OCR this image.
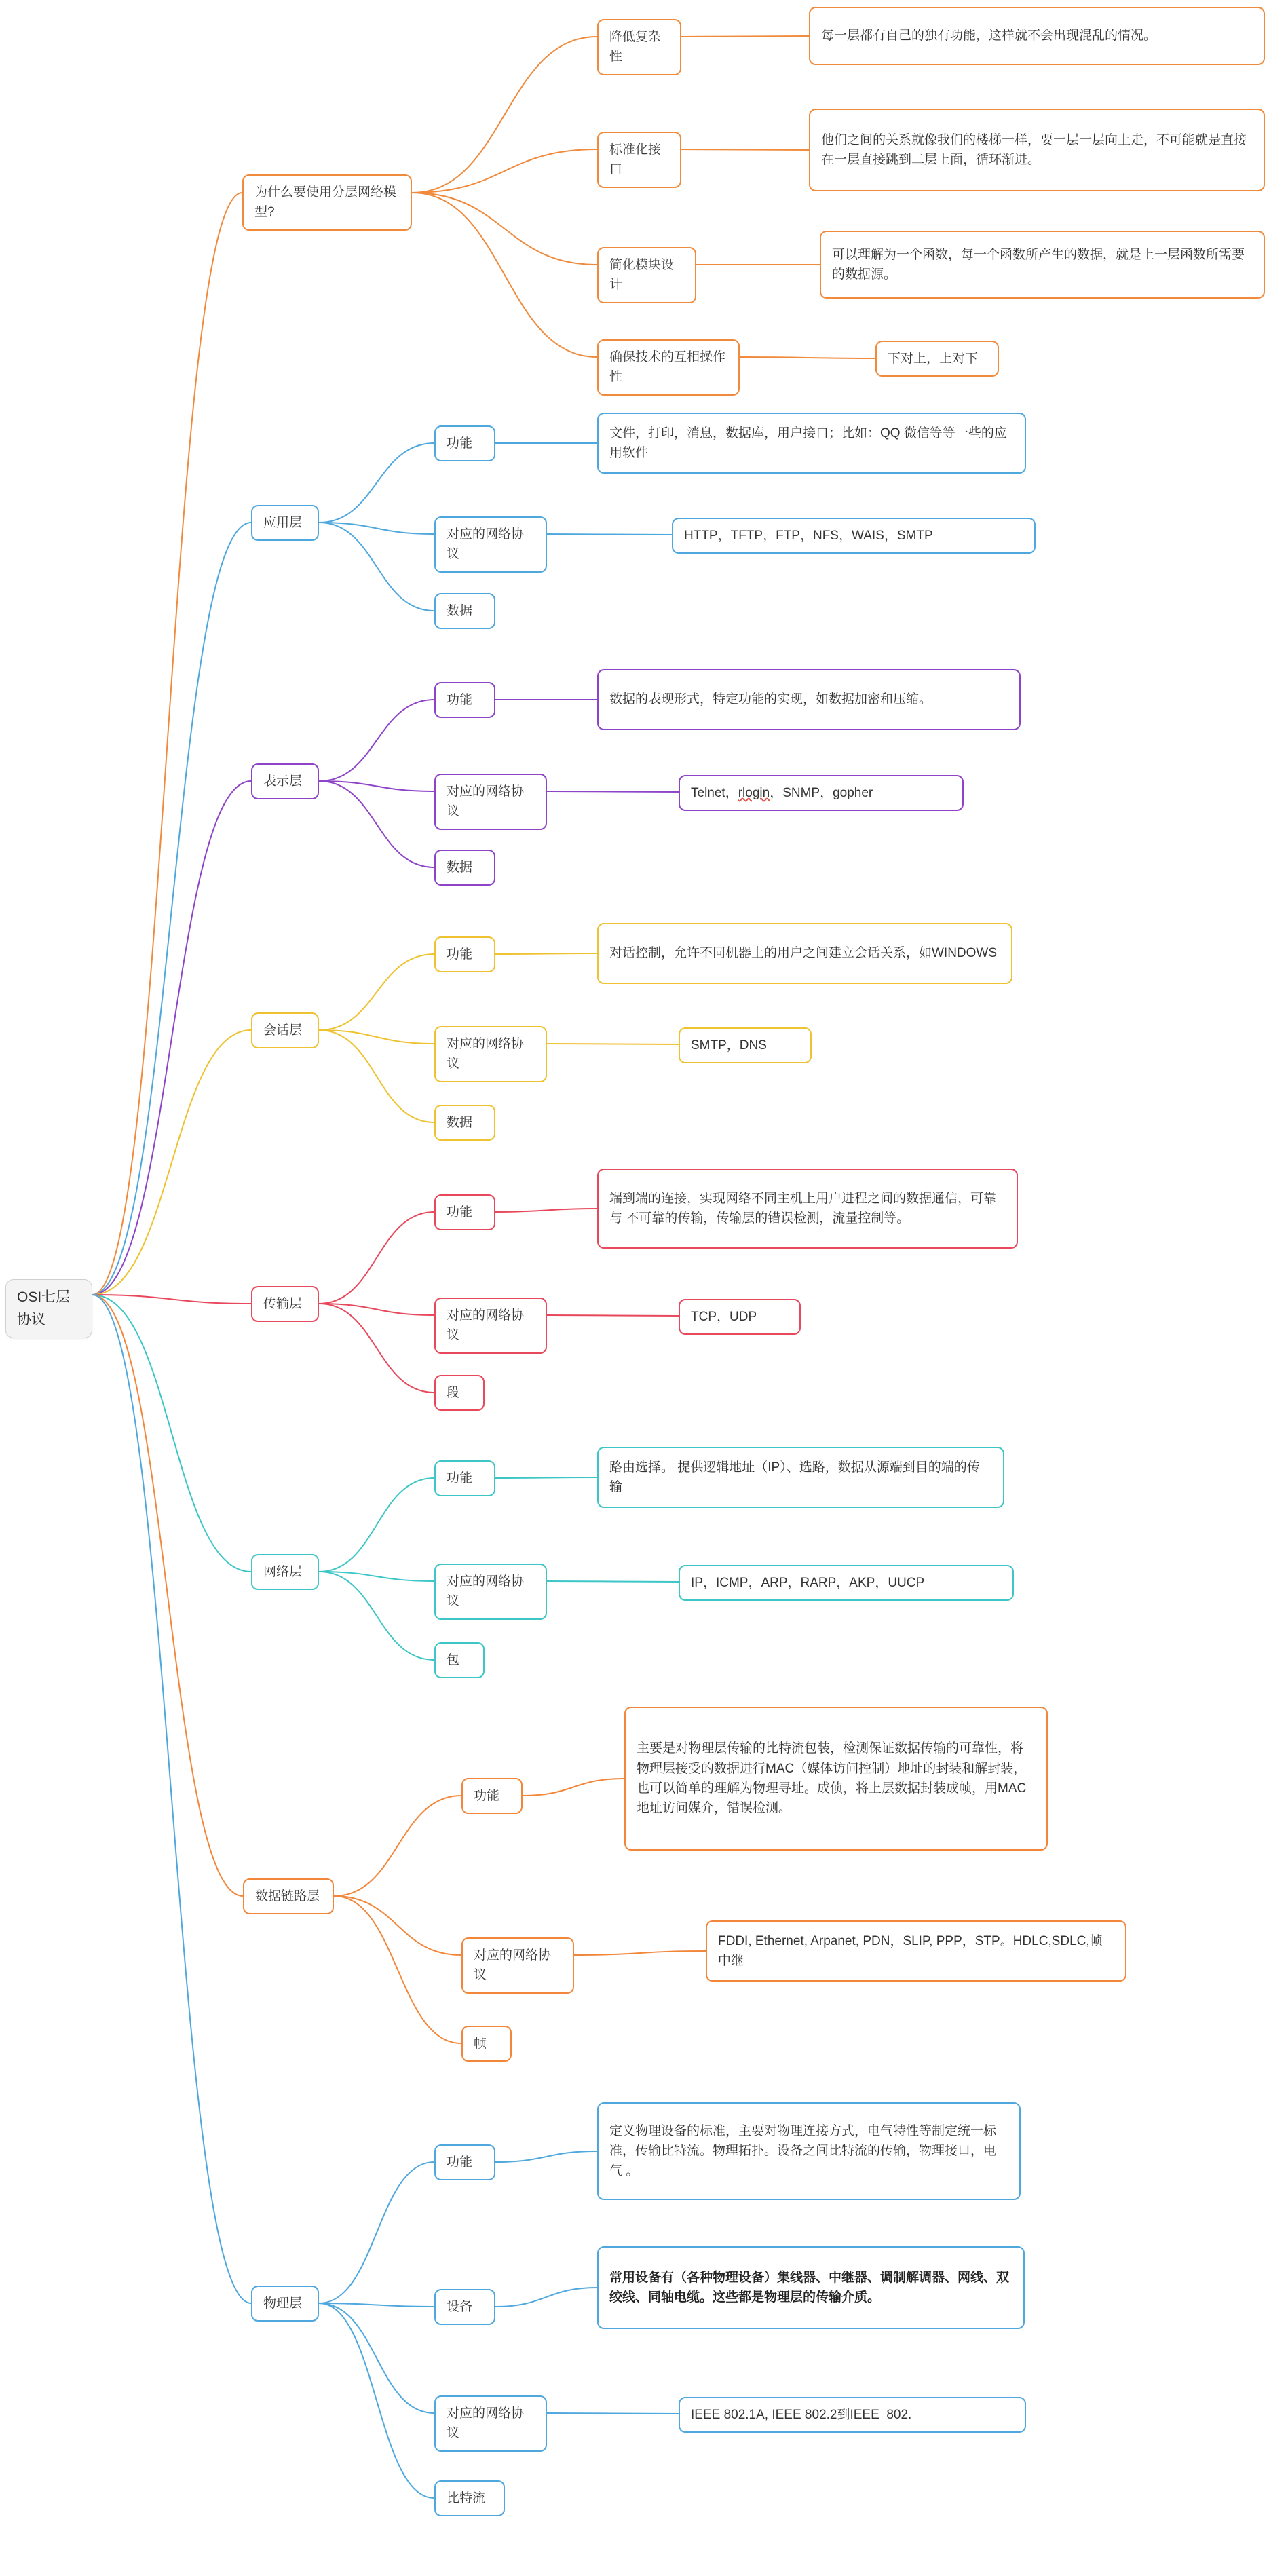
OSI七层协议
为什么要使用分层网络模型?
降低复杂性
每一层都有自己的独有功能，这样就不会出现混乱的情况。
标准化接口
他们之间的关系就像我们的楼梯一样，要一层一层向上走，不可能就是直接在一层直接跳到二层上面，循环渐进。
简化模块设计
可以理解为一个函数，每一个函数所产生的数据，就是上一层函数所需要的数据源。
确保技术的互相操作性
下对上，上对下
应用层
功能
文件，打印，消息，数据库，用户接口；比如：QQ 微信等等一些的应用软件
对应的网络协议
HTTP，TFTP，FTP，NFS，WAIS，SMTP
数据
表示层
功能	数据的表现形式，特定功能的实现，如数据加密和压缩。
对应的网络协议
Telnet，rlogin，SNMP，gopher
数据
会话层
功能	对话控制，允许不同机器上的用户之间建立会话关系，如WINDOWS
对应的网络协议
SMTP，DNS
数据
传输层
功能
端到端的连接，实现网络不同主机上用户进程之间的数据通信，可靠与 不可靠的传输，传输层的错误检测，流量控制等。
对应的网络协议
TCP，UDP
段
网络层
功能
路由选择。 提供逻辑地址（IP）、选路，数据从源端到目的端的传输
对应的网络协议
IP，ICMP，ARP，RARP，AKP，UUCP
包
数据链路层
功能
主要是对物理层传输的比特流包装，检测保证数据传输的可靠性，将物理层接受的数据进行MAC（媒体访问控制）地址的封装和解封装，也可以简单的理解为物理寻址。成侦，将上层数据封装成帧，用MAC地址访问媒介，错误检测。
对应的网络协议
FDDI, Ethernet, Arpanet, PDN，SLIP, PPP，STP。HDLC,SDLC,帧中继
帧
物理层
功能
定义物理设备的标准，主要对物理连接方式，电气特性等制定统一标准，传输比特流。物理拓扑。设备之间比特流的传输，物理接口，电气 。
设备
常用设备有（各种物理设备）集线器、中继器、调制解调器、网线、双绞线、同轴电缆。这些都是物理层的传输介质。
对应的网络协议
IEEE 802.1A, IEEE 802.2到IEEE  802.
比特流
